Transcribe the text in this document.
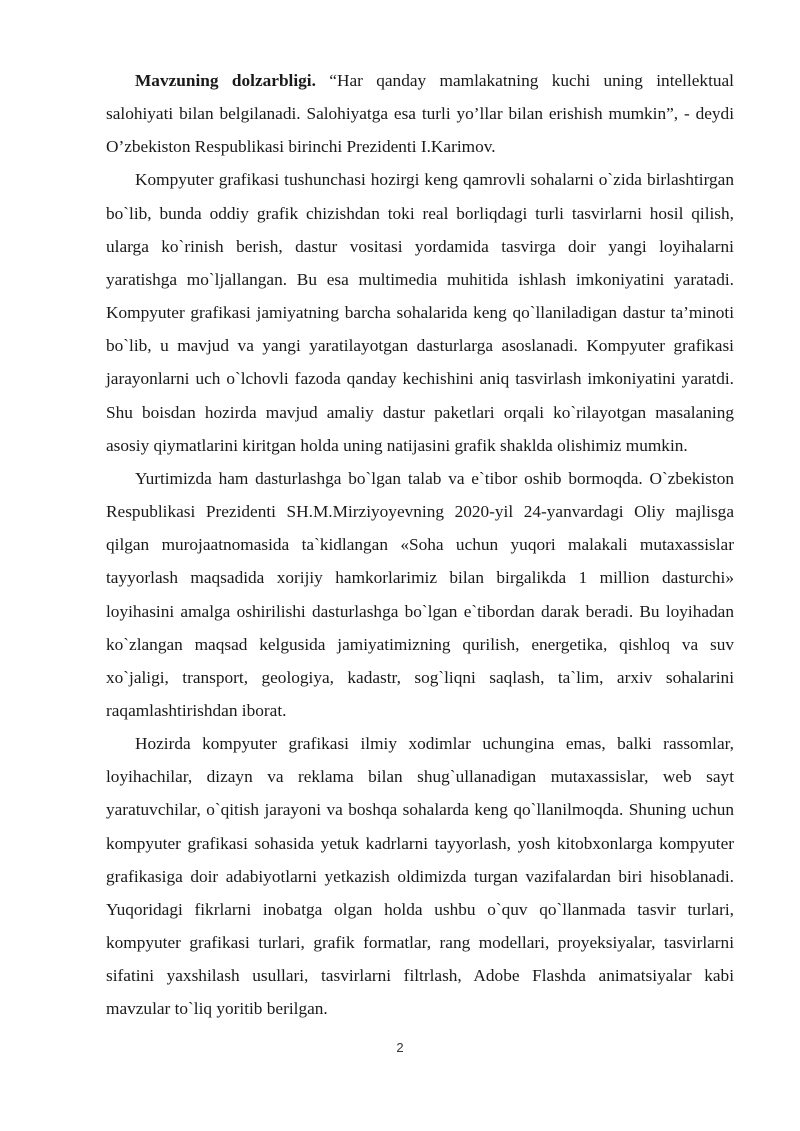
Mavzuning dolzarbligi. “Har qanday mamlakatning kuchi uning intellektual salohiyati bilan belgilanadi. Salohiyatga esa turli yo’llar bilan erishish mumkin”, - deydi O’zbekiston Respublikasi birinchi Prezidenti I.Karimov.

Kompyuter grafikasi tushunchasi hozirgi keng qamrovli sohalarni o`zida birlashtirgan bo`lib, bunda oddiy grafik chizishdan toki real borliqdagi turli tasvirlarni hosil qilish, ularga ko`rinish berish, dastur vositasi yordamida tasvirga doir yangi loyihalarni yaratishga mo`ljallangan. Bu esa multimedia muhitida ishlash imkoniyatini yaratadi. Kompyuter grafikasi jamiyatning barcha sohalarida keng qo`llaniladigan dastur ta’minoti bo`lib, u mavjud va yangi yaratilayotgan dasturlarga asoslanadi. Kompyuter grafikasi jarayonlarni uch o`lchovli fazoda qanday kechishini aniq tasvirlash imkoniyatini yaratdi. Shu boisdan hozirda mavjud amaliy dastur paketlari orqali ko`rilayotgan masalaning asosiy qiymatlarini kiritgan holda uning natijasini grafik shaklda olishimiz mumkin.

Yurtimizda ham dasturlashga bo`lgan talab va e`tibor oshib bormoqda. O`zbekiston Respublikasi Prezidenti SH.M.Mirziyoyevning 2020-yil 24-yanvardagi Oliy majlisga qilgan murojaatnomasida ta`kidlangan «Soha uchun yuqori malakali mutaxassislar tayyorlash maqsadida xorijiy hamkorlarimiz bilan birgalikda 1 million dasturchi» loyihasini amalga oshirilishi dasturlashga bo`lgan e`tibordan darak beradi. Bu loyihadan ko`zlangan maqsad kelgusida jamiyatimizning qurilish, energetika, qishloq va suv xo`jaligi, transport, geologiya, kadastr, sog`liqni saqlash, ta`lim, arxiv sohalarini raqamlashtirishdan iborat.

Hozirda kompyuter grafikasi ilmiy xodimlar uchungina emas, balki rassomlar, loyihachilar, dizayn va reklama bilan shug`ullanadigan mutaxassislar, web sayt yaratuvchilar, o`qitish jarayoni va boshqa sohalarda keng qo`llanilmoqda. Shuning uchun kompyuter grafikasi sohasida yetuk kadrlarni tayyorlash, yosh kitobxonlarga kompyuter grafikasiga doir adabiyotlarni yetkazish oldimizda turgan vazifalardan biri hisoblanadi. Yuqoridagi fikrlarni inobatga olgan holda ushbu o`quv qo`llanmada tasvir turlari, kompyuter grafikasi turlari, grafik formatlar, rang modellari, proyeksiyalar, tasvirlarni sifatini yaxshilash usullari, tasvirlarni filtrlash, Adobe Flashda animatsiyalar kabi mavzular to`liq yoritib berilgan.

2
